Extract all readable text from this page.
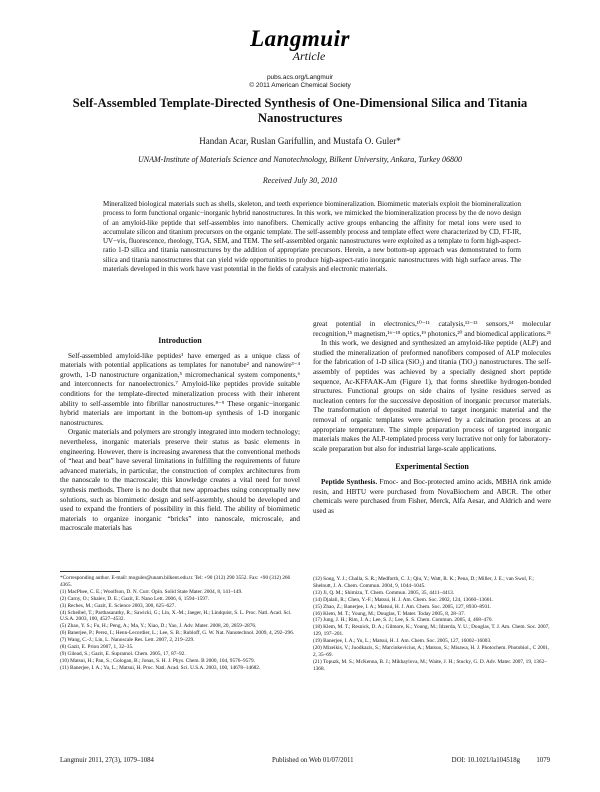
Langmuir
Article
pubs.acs.org/Langmuir
© 2011 American Chemical Society
Self-Assembled Template-Directed Synthesis of One-Dimensional Silica and Titania Nanostructures
Handan Acar, Ruslan Garifullin, and Mustafa O. Guler*
UNAM-Institute of Materials Science and Nanotechnology, Bilkent University, Ankara, Turkey 06800
Received July 30, 2010
Mineralized biological materials such as shells, skeleton, and teeth experience biomineralization. Biomimetic materials exploit the biomineralization process to form functional organic−inorganic hybrid nanostructures. In this work, we mimicked the biomineralization process by the de novo design of an amyloid-like peptide that self-assembles into nanofibers. Chemically active groups enhancing the affinity for metal ions were used to accumulate silicon and titanium precursors on the organic template. The self-assembly process and template effect were characterized by CD, FT-IR, UV−vis, fluorescence, rheology, TGA, SEM, and TEM. The self-assembled organic nanostructures were exploited as a template to form high-aspect-ratio 1-D silica and titania nanostructures by the addition of appropriate precursors. Herein, a new bottom-up approach was demonstrated to form silica and titania nanostructures that can yield wide opportunities to produce high-aspect-ratio inorganic nanostructures with high surface areas. The materials developed in this work have vast potential in the fields of catalysis and electronic materials.
Introduction

Self-assembled amyloid-like peptides¹ have emerged as a unique class of materials with potential applications as templates for nanotube² and nanowire³⁻⁴ growth, 1-D nanostructure organization,⁵ micromechanical system components,⁶ and interconnects for nanoelectronics.⁷ Amyloid-like peptides provide suitable conditions for the template-directed mineralization process with their inherent ability to self-assemble into fibrillar nanostructures.⁸⁻⁹ These organic−inorganic hybrid materials are important in the bottom-up synthesis of 1-D inorganic nanostructures.

Organic materials and polymers are strongly integrated into modern technology; nevertheless, inorganic materials preserve their status as basic elements in engineering. However, there is increasing awareness that the conventional methods of “heat and beat” have several limitations in fulfilling the requirements of future advanced materials, in particular, the construction of complex architectures from the nanoscale to the macroscale; this knowledge creates a vital need for novel synthesis methods. There is no doubt that new approaches using conceptually new solutions, such as biomimetic design and self-assembly, should be developed and used to expand the frontiers of possibility in this field. The ability of biomimetic materials to organize inorganic “bricks” into nanoscale, microscale, and macroscale materials has

great potential in electronics,¹⁰⁻¹¹ catalysis,¹²⁻¹³ sensors,¹⁴ molecular recognition,¹⁵ magnetism,¹⁶⁻¹⁸ optics,¹⁹ photonics,²⁰ and biomedical applications.²¹

In this work, we designed and synthesized an amyloid-like peptide (ALP) and studied the mineralization of preformed nanofibers composed of ALP molecules for the fabrication of 1-D silica (SiO₂) and titania (TiO₂) nanostructures. The self-assembly of peptides was achieved by a specially designed short peptide sequence, Ac-KFFAAK-Am (Figure 1), that forms sheetlike hydrogen-bonded structures. Functional groups on side chains of lysine residues served as nucleation centers for the successive deposition of inorganic precursor materials. The transformation of deposited material to target inorganic material and the removal of organic templates were achieved by a calcination process at an appropriate temperature. The simple preparation process of targeted inorganic materials makes the ALP-templated process very lucrative not only for laboratory-scale preparation but also for industrial large-scale applications.

Experimental Section

Peptide Synthesis. Fmoc- and Boc-protected amino acids, MBHA rink amide resin, and HBTU were purchased from NovaBiochem and ABCR. The other chemicals were purchased from Fisher, Merck, Alfa Aesar, and Aldrich and were used as

*Corresponding author. E-mail: moguler@unam.bilkent.edu.tr. Tel: +90 (312) 290 3552. Fax: +90 (312) 266 4365.
(1) MacPhee, C. E.; Woolfson, D. N. Curr. Opin. Solid State Mater. 2004, 8, 141–149.
(2) Carny, O.; Shalev, D. E.; Gazit, E. Nano Lett. 2006, 6, 1594–1597.
(3) Reches, M.; Gazit, E. Science 2003, 300, 625–627.
(4) Scheibel, T.; Parthasarathy, R.; Sawicki, G.; Lin, X.-M.; Jaeger, H.; Lindquist, S. L. Proc. Natl. Acad. Sci. U.S.A. 2003, 100, 4527–4532.
(5) Zhao, Y. S.; Fu, H.; Peng, A.; Ma, Y.; Xiao, D.; Yao, J. Adv. Mater. 2008, 20, 2859–2876.
(6) Banerjee, P.; Perez, I.; Henn-Lecordier, L.; Lee, S. B.; Rubloff, G. W. Nat. Nanotechnol. 2009, 4, 292–296.
(7) Wang, C.-J.; Lin, L. Nanoscale Res. Lett. 2007, 2, 219–229.
(8) Gazit, E. Prion 2007, 1, 32–35.
(9) Gilead, S.; Gazit, E. Supramol. Chem. 2005, 17, 87–92.
(10) Matsui, H.; Pan, S.; Gologan, B.; Jonas, S. H. J. Phys. Chem. B 2000, 104, 9576–9579.
(11) Banerjee, I. A.; Yu, L.; Matsui, H. Proc. Natl. Acad. Sci. U.S.A. 2003, 100, 14678–14682.
(12) Song, Y. J.; Challa, S. R.; Medforth, C. J.; Qiu, Y.; Watt, R. K.; Pena, D.; Miller, J. E.; van Swol, F.; Shelnutt, J. A. Chem. Commun. 2004, 9, 1044–1045.
(13) Ji, Q. M.; Shimizu, T. Chem. Commun. 2005, 35, 4411–4413.
(14) Djalali, R.; Chen, Y.-F.; Matsui, H. J. Am. Chem. Soc. 2002, 124, 13660–13661.
(15) Zhao, Z.; Banerjee, I. A.; Matsui, H. J. Am. Chem. Soc. 2005, 127, 8930–8931.
(16) Klem, M. T.; Young, M.; Douglas, T. Mater. Today 2005, 8, 28–37.
(17) Jung, J. H.; Rim, J. A.; Lee, S. J.; Lee, S. S. Chem. Commun. 2005, 4, 468–470.
(18) Klem, M. T.; Resnick, D. A.; Gilmore, K.; Young, M.; Idzerda, Y. U.; Douglas, T. J. Am. Chem. Soc. 2007, 129, 197–201.
(19) Banerjee, I. A.; Yu, L.; Matsui, H. J. Am. Chem. Soc. 2005, 127, 16002–16003.
(20) Mizeikis, V.; Juodkazis, S.; Marcinkevicius, A.; Matsuo, S.; Misawa, H. J. Photochem. Photobiol., C 2001, 2, 35–69.
(21) Topuzk, M. S.; McKenna, B. J.; Mikhaylova, M.; Waite, J. H.; Stucky, G. D. Adv. Mater. 2007, 19, 1362–1368.
Langmuir 2011, 27(3), 1079–1084	Published on Web 01/07/2011	DOI: 10.1021/la104518g 1079
